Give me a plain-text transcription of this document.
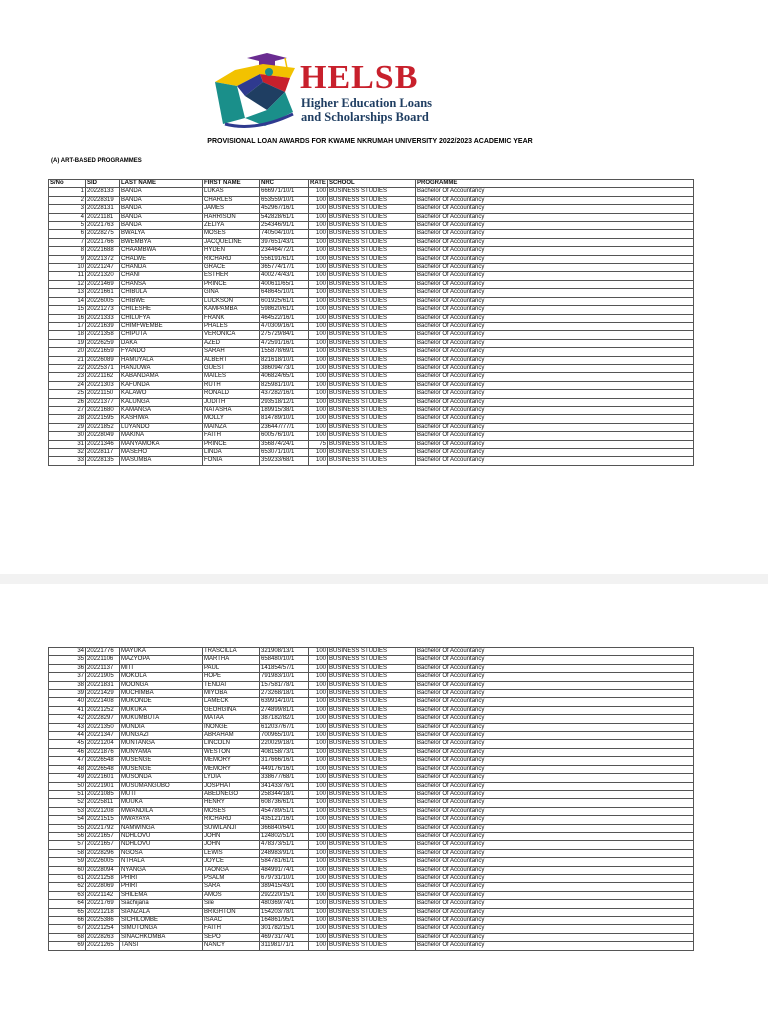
HELSB
Higher Education Loans
and Scholarships Board
PROVISIONAL LOAN AWARDS FOR KWAME NKRUMAH UNIVERSITY 2022/2023 ACADEMIC YEAR
(A) ART-BASED PROGRAMMES
S/No	SID	LAST NAME	FIRST NAME	NRC	RATE	SCHOOL	PROGRAMME
1	20228133	BANDA	LUKAS	666971/10/1	100	BUSINESS STUDIES	Bachelor Of Accountancy
2	20228319	BANDA	CHARLES	653559/10/1	100	BUSINESS STUDIES	Bachelor Of Accountancy
3	20228131	BANDA	JAMES	452967/16/1	100	BUSINESS STUDIES	Bachelor Of Accountancy
4	20221181	BANDA	HARRISON	542828/61/1	100	BUSINESS STUDIES	Bachelor Of Accountancy
5	20221763	BANDA	ZELIYA	254346/91/1	100	BUSINESS STUDIES	Bachelor Of Accountancy
6	20228275	BWALYA	MOSES	740504/10/1	100	BUSINESS STUDIES	Bachelor Of Accountancy
7	20221766	BWEMBYA	JACQUELINE	397651/43/1	100	BUSINESS STUDIES	Bachelor Of Accountancy
8	20221688	CHAAMBWA	HYDEN	234464/72/1	100	BUSINESS STUDIES	Bachelor Of Accountancy
9	20221372	CHALWE	RICHARD	556191/61/1	100	BUSINESS STUDIES	Bachelor Of Accountancy
10	20221247	CHANDA	GRACE	365774/17/1	100	BUSINESS STUDIES	Bachelor Of Accountancy
11	20221320	CHANI	ESTHER	400274/43/1	100	BUSINESS STUDIES	Bachelor Of Accountancy
12	20221469	CHANSA	PRINCE	400611/65/1	100	BUSINESS STUDIES	Bachelor Of Accountancy
13	20221661	CHIBULA	GINA	648645/10/1	100	BUSINESS STUDIES	Bachelor Of Accountancy
14	20226005	CHIBWE	LUCKSON	601925/61/1	100	BUSINESS STUDIES	Bachelor Of Accountancy
15	20221273	CHILESHE	KAMPAMBA	598620/61/1	100	BUSINESS STUDIES	Bachelor Of Accountancy
16	20221333	CHILUFYA	FRANK	464522/16/1	100	BUSINESS STUDIES	Bachelor Of Accountancy
17	20221639	CHIMFWEMBE	PHALES	470309/16/1	100	BUSINESS STUDIES	Bachelor Of Accountancy
18	20221358	CHIPUTA	VERONICA	275729/84/1	100	BUSINESS STUDIES	Bachelor Of Accountancy
19	20226259	DAKA	AZED	472591/16/1	100	BUSINESS STUDIES	Bachelor Of Accountancy
20	20221659	FYANDO	SARAH	155878/69/1	100	BUSINESS STUDIES	Bachelor Of Accountancy
21	20226089	HAMUYALA	ALBERT	821618/10/1	100	BUSINESS STUDIES	Bachelor Of Accountancy
22	20225371	HANJUWA	GUEST	386094/73/1	100	BUSINESS STUDIES	Bachelor Of Accountancy
23	20221162	KABANDAMA	MAILES	406824/65/1	100	BUSINESS STUDIES	Bachelor Of Accountancy
24	20221303	KAFUNDA	RUTH	825981/10/1	100	BUSINESS STUDIES	Bachelor Of Accountancy
25	20221150	KALAWO	RONALD	437282/16/1	100	BUSINESS STUDIES	Bachelor Of Accountancy
26	20221377	KALUNGA	JUDITH	293518/12/1	100	BUSINESS STUDIES	Bachelor Of Accountancy
27	20221680	KAMANGA	NATASHA	189915/38/1	100	BUSINESS STUDIES	Bachelor Of Accountancy
28	20221595	KASHIWA	MOLLY	814789/10/1	100	BUSINESS STUDIES	Bachelor Of Accountancy
29	20221852	LUYANDO	MAINZA	236447/77/1	100	BUSINESS STUDIES	Bachelor Of Accountancy
30	20228049	MAKINA	FAITH	600576/10/1	100	BUSINESS STUDIES	Bachelor Of Accountancy
31	20221346	MANYAMOKA	PRINCE	356874/24/1	75	BUSINESS STUDIES	Bachelor Of Accountancy
32	20228117	MASEHO	LINDA	653071/10/1	100	BUSINESS STUDIES	Bachelor Of Accountancy
33	20228135	MASUMBA	FONIA	359233/68/1	100	BUSINESS STUDIES	Bachelor Of Accountancy
34	20221776	MAYUKA	TRASCILLA	321908/13/1	100	BUSINESS STUDIES	Bachelor Of Accountancy
35	20221106	MAZYOPA	MARTHA	658480/10/1	100	BUSINESS STUDIES	Bachelor Of Accountancy
36	20221137	MITI	PAUL	141854/57/1	100	BUSINESS STUDIES	Bachelor Of Accountancy
37	20221905	MOKOLA	HOPE	791983/10/1	100	BUSINESS STUDIES	Bachelor Of Accountancy
38	20221831	MOONGA	TENDAI	157581/78/1	100	BUSINESS STUDIES	Bachelor Of Accountancy
39	20221429	MUCHIMBA	MIYOBA	273268/18/1	100	BUSINESS STUDIES	Bachelor Of Accountancy
40	20221408	MUKONDE	LAMECK	639914/10/1	100	BUSINESS STUDIES	Bachelor Of Accountancy
41	20221252	MUKUKA	GEORGINA	274899/81/1	100	BUSINESS STUDIES	Bachelor Of Accountancy
42	20228297	MUKUMBUTA	MATAA	387182/82/1	100	BUSINESS STUDIES	Bachelor Of Accountancy
43	20221350	MUNDIA	INONGE	612037/67/1	100	BUSINESS STUDIES	Bachelor Of Accountancy
44	20221347	MUNGAZI	ABRAHAM	700965/10/1	100	BUSINESS STUDIES	Bachelor Of Accountancy
45	20221204	MUNTANGA	LINCOLN	220029/18/1	100	BUSINESS STUDIES	Bachelor Of Accountancy
46	20221876	MUNYAMA	WESTON	408158/73/1	100	BUSINESS STUDIES	Bachelor Of Accountancy
47	20226548	MUSENGE	MEMORY	317666/16/1	100	BUSINESS STUDIES	Bachelor Of Accountancy
48	20226548	MUSENGE	MEMORY	449176/16/1	100	BUSINESS STUDIES	Bachelor Of Accountancy
49	20221601	MUSONDA	LYDIA	338677/68/1	100	BUSINESS STUDIES	Bachelor Of Accountancy
50	20221901	MUSUMANGUBO	JOSPHAT	341433/76/1	100	BUSINESS STUDIES	Bachelor Of Accountancy
51	20221085	MUTI	ABEDNEGO	258344/18/1	100	BUSINESS STUDIES	Bachelor Of Accountancy
52	20225811	MUUKA	HENRY	608736/61/1	100	BUSINESS STUDIES	Bachelor Of Accountancy
53	20221208	MWANDILA	MOSES	454789/51/1	100	BUSINESS STUDIES	Bachelor Of Accountancy
54	20221515	MWAYAYA	RICHARD	435121/16/1	100	BUSINESS STUDIES	Bachelor Of Accountancy
55	20221792	NAMWINGA	SUWILANJI	366840/64/1	100	BUSINESS STUDIES	Bachelor Of Accountancy
56	20221657	NDHLOVU	JOHN	124802/51/1	100	BUSINESS STUDIES	Bachelor Of Accountancy
57	20221657	NDHLOVU	JOHN	478373/51/1	100	BUSINESS STUDIES	Bachelor Of Accountancy
58	20228296	NGOSA	LEWIS	248983/91/1	100	BUSINESS STUDIES	Bachelor Of Accountancy
59	20226005	NTHALA	JOYCE	584781/61/1	100	BUSINESS STUDIES	Bachelor Of Accountancy
60	20228094	NYANGA	TAONGA	484991/74/1	100	BUSINESS STUDIES	Bachelor Of Accountancy
61	20221258	PHIRI	PSALM	679731/10/1	100	BUSINESS STUDIES	Bachelor Of Accountancy
62	20228069	PHIRI	SARA	389415/43/1	100	BUSINESS STUDIES	Bachelor Of Accountancy
63	20221142	SHILEMA	AMOS	292220/15/1	100	BUSINESS STUDIES	Bachelor Of Accountancy
64	20221769	Siachijana	Sile	480369/74/1	100	BUSINESS STUDIES	Bachelor Of Accountancy
65	20221218	SIANZALA	BRIGHTON	154203/78/1	100	BUSINESS STUDIES	Bachelor Of Accountancy
66	20225386	SICHILOMBE	ISAAC	164861/95/1	100	BUSINESS STUDIES	Bachelor Of Accountancy
67	20221254	SIMUTONGA	FAITH	301782/15/1	100	BUSINESS STUDIES	Bachelor Of Accountancy
68	20228263	SINACHKOMBA	SEPO	469731/74/1	100	BUSINESS STUDIES	Bachelor Of Accountancy
69	20221265	TANSI	NANCY	311981/71/1	100	BUSINESS STUDIES	Bachelor Of Accountancy
